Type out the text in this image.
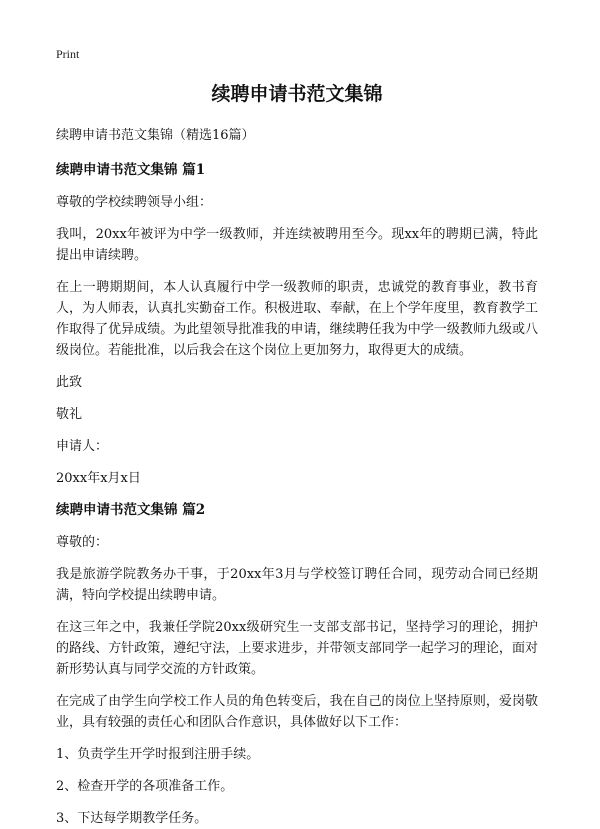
Print
续聘申请书范文集锦
续聘申请书范文集锦（精选16篇）
续聘申请书范文集锦 篇1

尊敬的学校续聘领导小组：

我叫，20xx年被评为中学一级教师，并连续被聘用至今。现xx年的聘期已满，特此提出申请续聘。

在上一聘期期间，本人认真履行中学一级教师的职责，忠诚党的教育事业，教书育人，为人师表，认真扎实勤奋工作。积极进取、奉献，在上个学年度里，教育教学工作取得了优异成绩。为此望领导批准我的申请，继续聘任我为中学一级教师九级或八级岗位。若能批准，以后我会在这个岗位上更加努力，取得更大的成绩。

此致

敬礼

申请人：

20xx年x月x日

续聘申请书范文集锦 篇2

尊敬的：

我是旅游学院教务办干事，于20xx年3月与学校签订聘任合同，现劳动合同已经期满，特向学校提出续聘申请。

在这三年之中，我兼任学院20xx级研究生一支部支部书记，坚持学习的理论，拥护的路线、方针政策，遵纪守法，上要求进步，并带领支部同学一起学习的理论，面对新形势认真与同学交流的方针政策。

在完成了由学生向学校工作人员的角色转变后，我在自己的岗位上坚持原则，爱岗敬业，具有较强的责任心和团队合作意识，具体做好以下工作：

1、负责学生开学时报到注册手续。

2、检查开学的各项准备工作。

3、下达每学期教学任务。
